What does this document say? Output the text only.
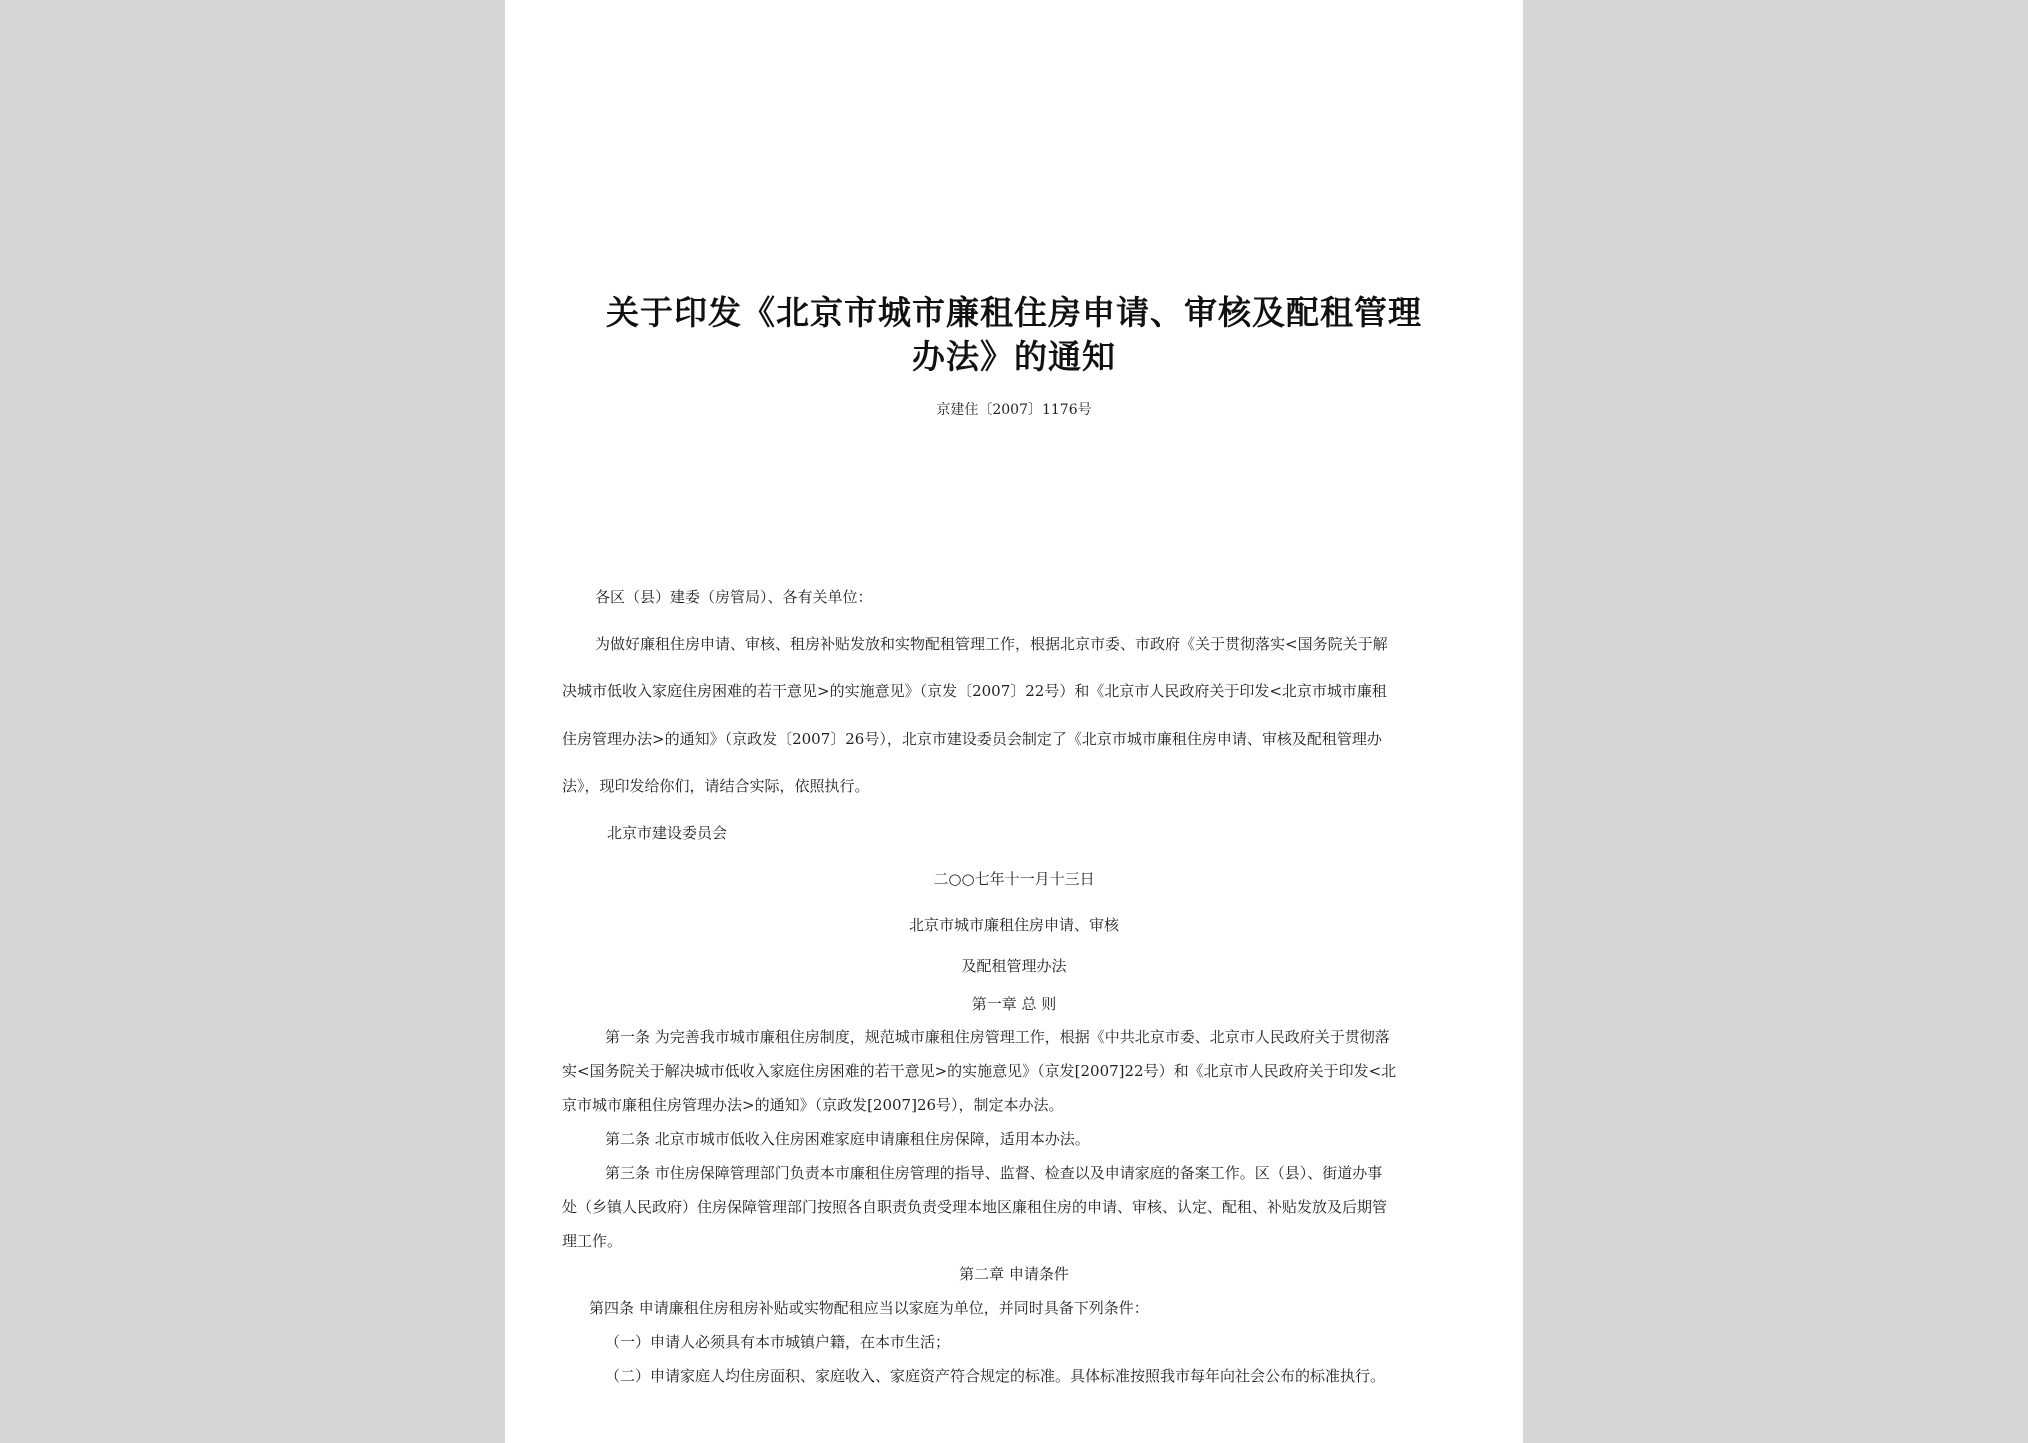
关于印发《北京市城市廉租住房申请、审核及配租管理
办法》的通知
京建住〔2007〕1176号
各区（县）建委（房管局）、各有关单位：
为做好廉租住房申请、审核、租房补贴发放和实物配租管理工作，根据北京市委、市政府《关于贯彻落实<国务院关于解
决城市低收入家庭住房困难的若干意见>的实施意见》（京发〔2007〕22号）和《北京市人民政府关于印发<北京市城市廉租
住房管理办法>的通知》（京政发〔2007〕26号），北京市建设委员会制定了《北京市城市廉租住房申请、审核及配租管理办
法》，现印发给你们，请结合实际，依照执行。
北京市建设委员会
二○○七年十一月十三日
北京市城市廉租住房申请、审核
及配租管理办法
第一章 总 则
第一条 为完善我市城市廉租住房制度，规范城市廉租住房管理工作，根据《中共北京市委、北京市人民政府关于贯彻落
实<国务院关于解决城市低收入家庭住房困难的若干意见>的实施意见》（京发[2007]22号）和《北京市人民政府关于印发<北
京市城市廉租住房管理办法>的通知》（京政发[2007]26号），制定本办法。
第二条 北京市城市低收入住房困难家庭申请廉租住房保障，适用本办法。
第三条 市住房保障管理部门负责本市廉租住房管理的指导、监督、检查以及申请家庭的备案工作。区（县）、街道办事
处（乡镇人民政府）住房保障管理部门按照各自职责负责受理本地区廉租住房的申请、审核、认定、配租、补贴发放及后期管
理工作。
第二章 申请条件
第四条 申请廉租住房租房补贴或实物配租应当以家庭为单位，并同时具备下列条件：
（一）申请人必须具有本市城镇户籍，在本市生活；
（二）申请家庭人均住房面积、家庭收入、家庭资产符合规定的标准。具体标准按照我市每年向社会公布的标准执行。
